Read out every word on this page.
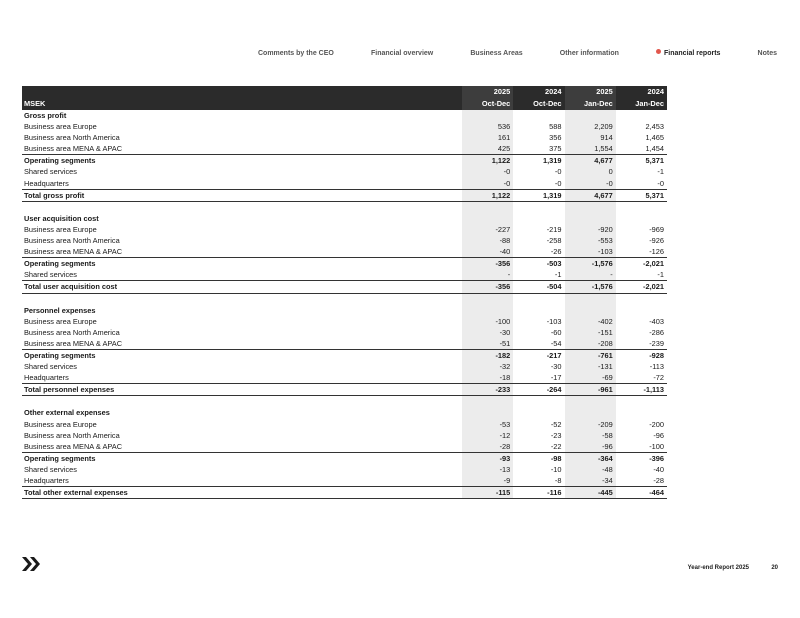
Comments by the CEO	Financial overview	Business Areas	Other information	Financial reports	Notes
	2025	2024	2025	2024
MSEK	Oct-Dec	Oct-Dec	Jan-Dec	Jan-Dec
Gross profit				
Business area Europe	536	588	2,209	2,453
Business area North America	161	356	914	1,465
Business area MENA & APAC	425	375	1,554	1,454
Operating segments	1,122	1,319	4,677	5,371
Shared services	-0	-0	0	-1
Headquarters	-0	-0	-0	-0
Total gross profit	1,122	1,319	4,677	5,371

User acquisition cost				
Business area Europe	-227	-219	-920	-969
Business area North America	-88	-258	-553	-926
Business area MENA & APAC	-40	-26	-103	-126
Operating segments	-356	-503	-1,576	-2,021
Shared services	-	-1	-	-1
Total user acquisition cost	-356	-504	-1,576	-2,021

Personnel expenses				
Business area Europe	-100	-103	-402	-403
Business area North America	-30	-60	-151	-286
Business area MENA & APAC	-51	-54	-208	-239
Operating segments	-182	-217	-761	-928
Shared services	-32	-30	-131	-113
Headquarters	-18	-17	-69	-72
Total personnel expenses	-233	-264	-961	-1,113

Other external expenses				
Business area Europe	-53	-52	-209	-200
Business area North America	-12	-23	-58	-96
Business area MENA & APAC	-28	-22	-96	-100
Operating segments	-93	-98	-364	-396
Shared services	-13	-10	-48	-40
Headquarters	-9	-8	-34	-28
Total other external expenses	-115	-116	-445	-464
Year-end Report 2025	20
